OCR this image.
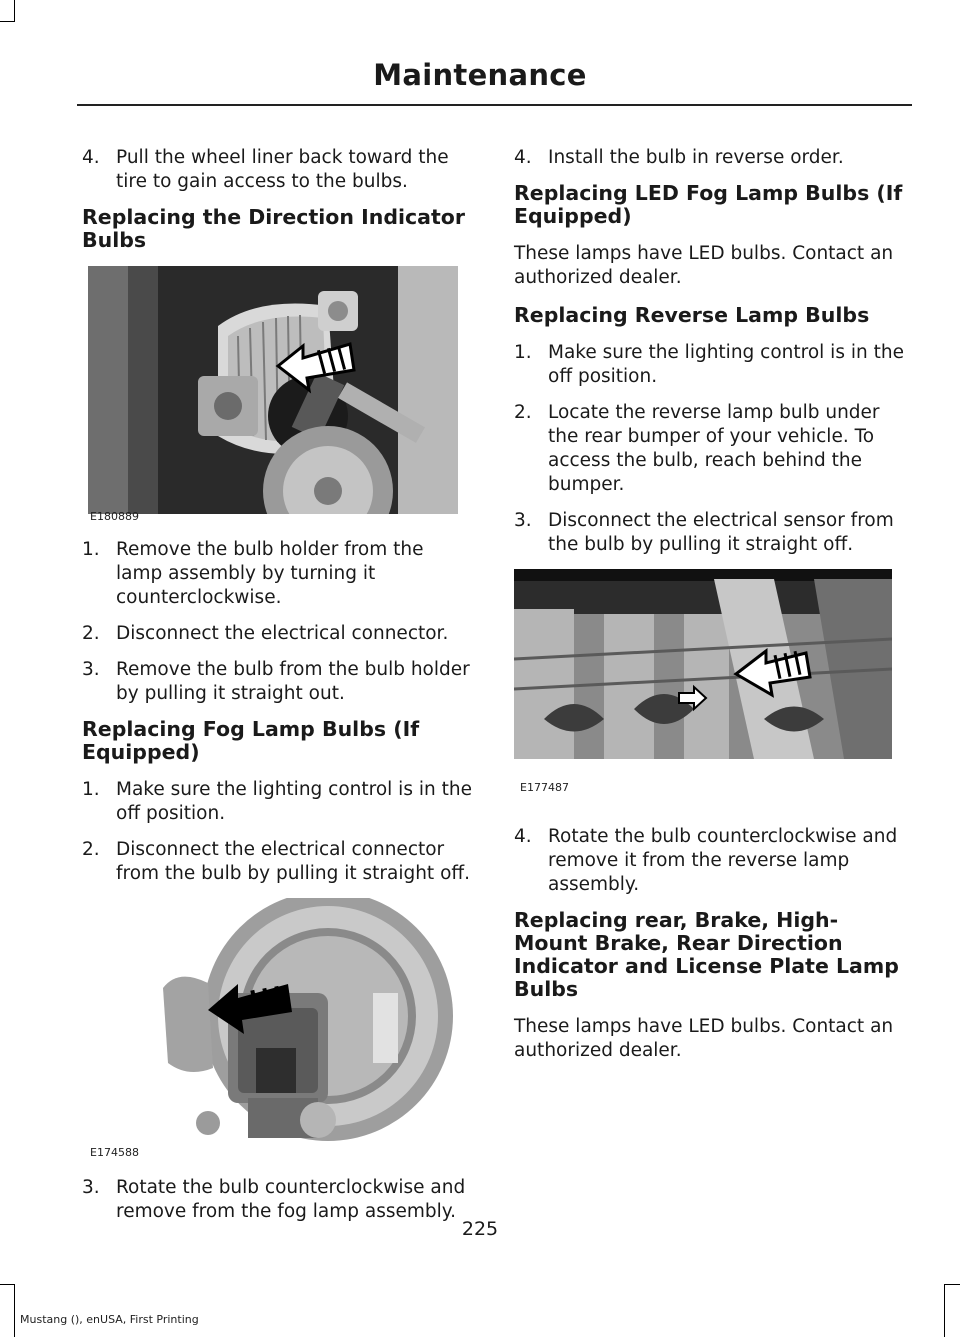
Maintenance
4. Pull the wheel liner back toward the tire to gain access to the bulbs.
Replacing the Direction Indicator Bulbs
E180889
1. Remove the bulb holder from the lamp assembly by turning it counterclockwise.
2. Disconnect the electrical connector.
3. Remove the bulb from the bulb holder by pulling it straight out.
Replacing Fog Lamp Bulbs (If Equipped)
1. Make sure the lighting control is in the off position.
2. Disconnect the electrical connector from the bulb by pulling it straight off.
E174588
3. Rotate the bulb counterclockwise and remove from the fog lamp assembly.
4. Install the bulb in reverse order.
Replacing LED Fog Lamp Bulbs (If Equipped)

These lamps have LED bulbs. Contact an authorized dealer.

Replacing Reverse Lamp Bulbs
1. Make sure the lighting control is in the off position.
2. Locate the reverse lamp bulb under the rear bumper of your vehicle. To access the bulb, reach behind the bumper.
3. Disconnect the electrical sensor from the bulb by pulling it straight off.
E177487
4. Rotate the bulb counterclockwise and remove it from the reverse lamp assembly.
Replacing rear, Brake, High-Mount Brake, Rear Direction Indicator and License Plate Lamp Bulbs

These lamps have LED bulbs. Contact an authorized dealer.

225
Mustang (), enUSA, First Printing
